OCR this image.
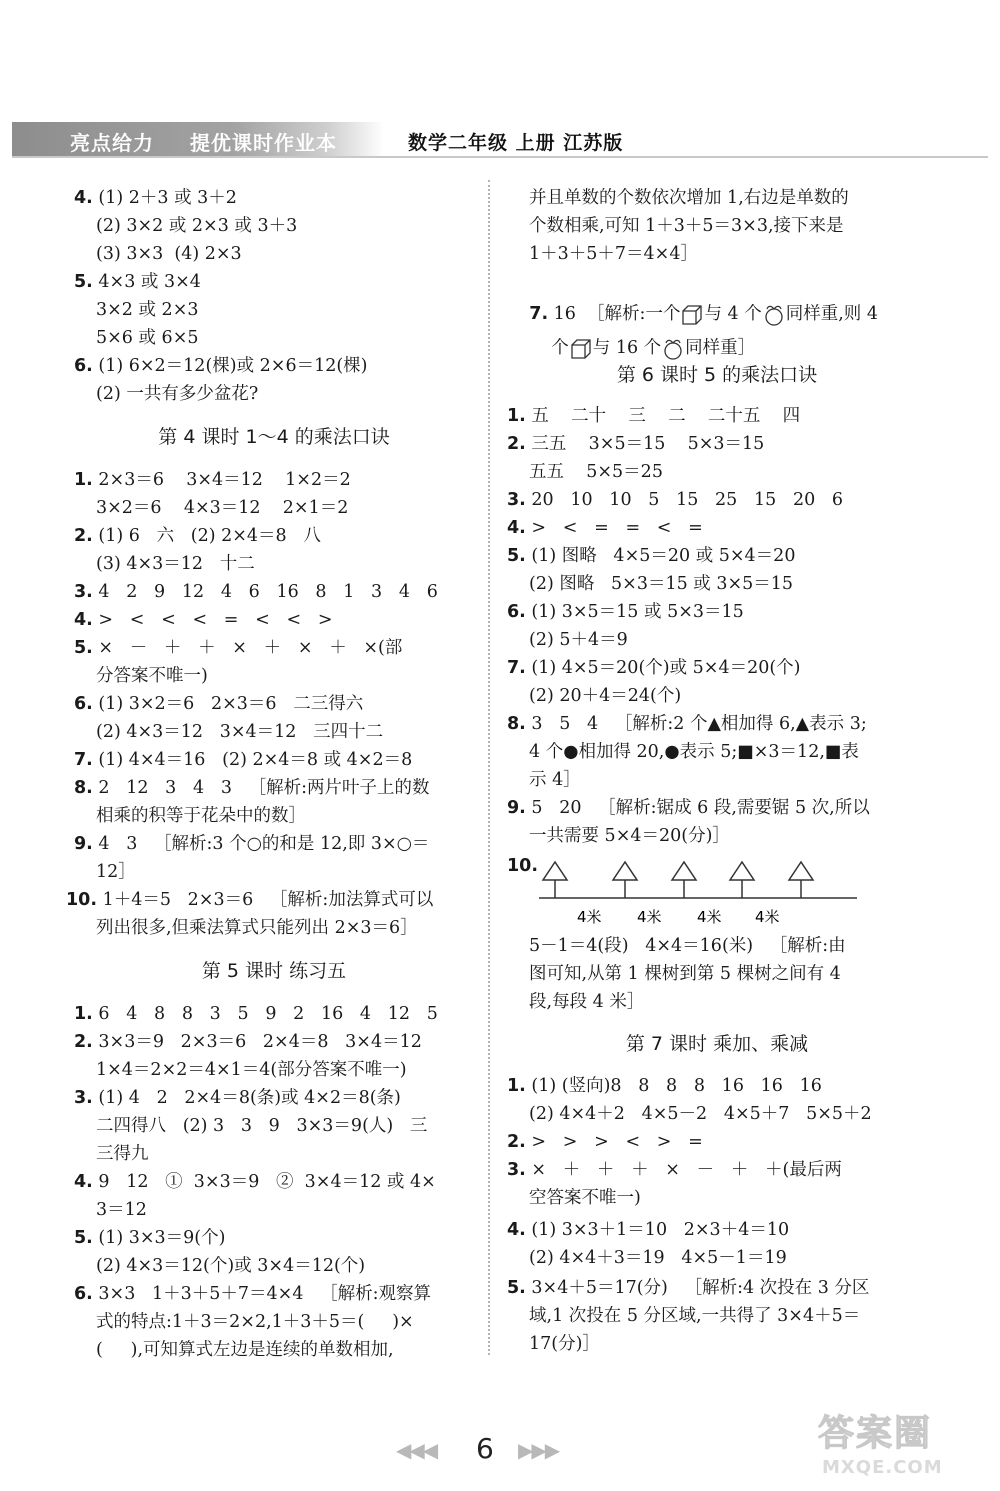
亮点给力 提优课时作业本	数学二年级 上册 江苏版
4. (1) 2＋3 或 3＋2
(2) 3×2 或 2×3 或 3＋3
(3) 3×3  (4) 2×3
5. 4×3 或 3×4
3×2 或 2×3
5×6 或 6×5
6. (1) 6×2＝12(棵)或 2×6＝12(棵)
(2) 一共有多少盆花?
第 4 课时 1～4 的乘法口诀
1. 2×3＝6    3×4＝12    1×2＝2
3×2＝6    4×3＝12    2×1＝2
2. (1) 6   六   (2) 2×4＝8   八
(3) 4×3＝12   十二
3. 4   2   9   12   4   6   16   8   1   3   4   6
4. >   <   <   <   =   <   <   >
5. ×   －   ＋   ＋   ×   ＋   ×   ＋   ×(部
分答案不唯一)
6. (1) 3×2＝6   2×3＝6   二三得六
(2) 4×3＝12   3×4＝12   三四十二
7. (1) 4×4＝16   (2) 2×4＝8 或 4×2＝8
8. 2   12   3   4   3   ［解析:两片叶子上的数
相乘的积等于花朵中的数］
9. 4   3   ［解析:3 个○的和是 12,即 3×○＝
12］
10. 1＋4＝5   2×3＝6   ［解析:加法算式可以
列出很多,但乘法算式只能列出 2×3＝6］
第 5 课时 练习五
1. 6   4   8   8   3   5   9   2   16   4   12   5
2. 3×3＝9   2×3＝6   2×4＝8   3×4＝12
1×4＝2×2＝4×1＝4(部分答案不唯一)
3. (1) 4   2   2×4＝8(条)或 4×2＝8(条)
二四得八   (2) 3   3   9   3×3＝9(人)   三
三得九
4. 9   12   ①  3×3＝9   ②  3×4＝12 或 4×
3＝12
5. (1) 3×3＝9(个)
(2) 4×3＝12(个)或 3×4＝12(个)
6. 3×3   1＋3＋5＋7＝4×4   ［解析:观察算
式的特点:1＋3＝2×2,1＋3＋5＝(     )×
(     ),可知算式左边是连续的单数相加,
并且单数的个数依次增加 1,右边是单数的
个数相乘,可知 1＋3＋5＝3×3,接下来是
1＋3＋5＋7＝4×4］

7. 16  ［解析:一个 与 4 个 同样重,则 4

个 与 16 个 同样重］

第 6 课时 5 的乘法口诀
1. 五    二十    三    二    二十五    四
2. 三五    3×5＝15    5×3＝15
五五    5×5＝25
3. 20   10   10   5   15   25   15   20   6
4. >   <   =   =   <   =
5. (1) 图略   4×5＝20 或 5×4＝20
(2) 图略   5×3＝15 或 3×5＝15
6. (1) 3×5＝15 或 5×3＝15
(2) 5＋4＝9
7. (1) 4×5＝20(个)或 5×4＝20(个)
(2) 20＋4＝24(个)
8. 3   5   4   ［解析:2 个▲相加得 6,▲表示 3;
4 个●相加得 20,●表示 5;■×3＝12,■表
示 4］
9. 5   20   ［解析:锯成 6 段,需要锯 5 次,所以
一共需要 5×4＝20(分)］
10.
4米 4米 4米 4米
5－1＝4(段)   4×4＝16(米)   ［解析:由
图可知,从第 1 棵树到第 5 棵树之间有 4
段,每段 4 米］
第 7 课时 乘加、乘减
1. (1) (竖向)8   8   8   8   16   16   16
(2) 4×4＋2   4×5－2   4×5＋7   5×5＋2
2. >   >   >   <   >   =
3. ×   ＋   ＋   ＋   ×   －   ＋   ＋(最后两
空答案不唯一)
4. (1) 3×3＋1＝10   2×3＋4＝10
(2) 4×4＋3＝19   4×5－1＝19
5. 3×4＋5＝17(分)   ［解析:4 次投在 3 分区
域,1 次投在 5 分区域,一共得了 3×4＋5＝
17(分)］
◀◀◀ 6 ▶▶▶	答案圈
MXQE.COM
